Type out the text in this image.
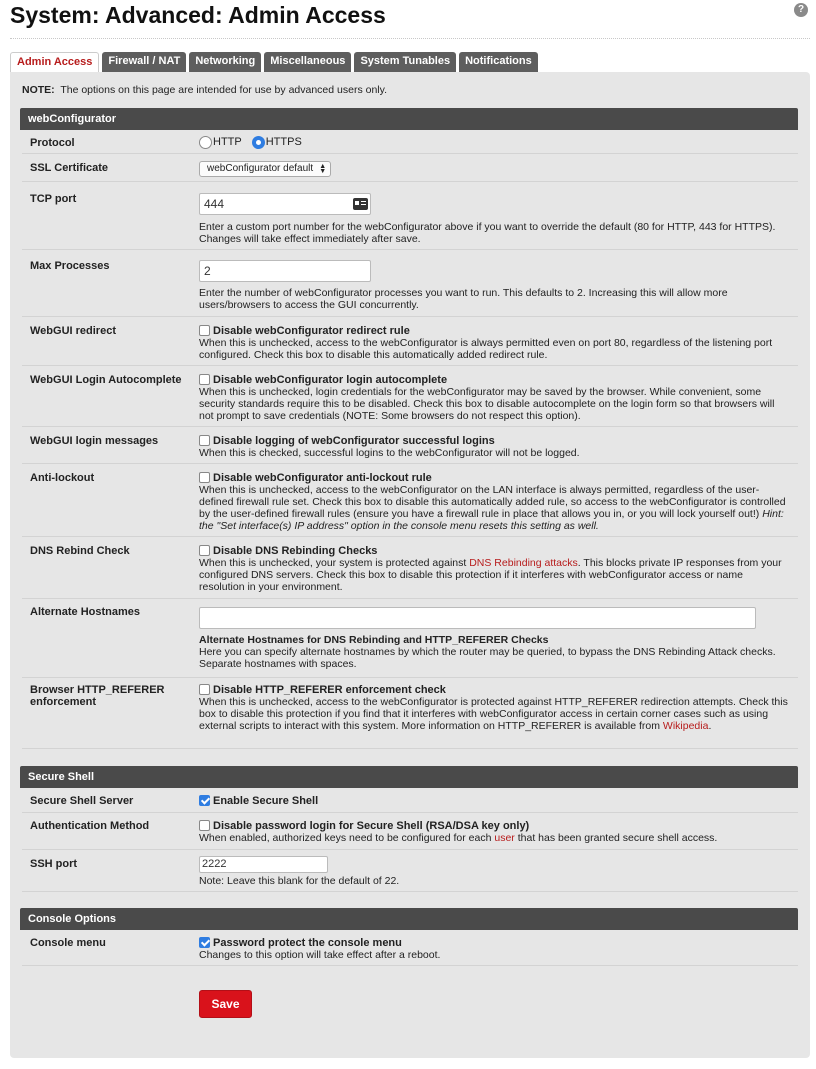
System: Advanced: Admin Access	?
Admin Access	Firewall / NAT	Networking	Miscellaneous	System Tunables	Notifications
NOTE: The options on this page are intended for use by advanced users only.
webConfigurator
Protocol	HTTP HTTPS
SSL Certificate	webConfigurator default ▲
▼
TCP port	444
Enter a custom port number for the webConfigurator above if you want to override the default (80 for HTTP, 443 for HTTPS). Changes will take effect immediately after save.
Max Processes	2
Enter the number of webConfigurator processes you want to run. This defaults to 2. Increasing this will allow more users/browsers to access the GUI concurrently.
WebGUI redirect	Disable webConfigurator redirect rule
When this is unchecked, access to the webConfigurator is always permitted even on port 80, regardless of the listening port configured. Check this box to disable this automatically added redirect rule.
WebGUI Login Autocomplete	Disable webConfigurator login autocomplete
When this is unchecked, login credentials for the webConfigurator may be saved by the browser. While convenient, some security standards require this to be disabled. Check this box to disable autocomplete on the login form so that browsers will not prompt to save credentials (NOTE: Some browsers do not respect this option).
WebGUI login messages	Disable logging of webConfigurator successful logins
When this is checked, successful logins to the webConfigurator will not be logged.
Anti-lockout	Disable webConfigurator anti-lockout rule
When this is unchecked, access to the webConfigurator on the LAN interface is always permitted, regardless of the user-defined firewall rule set. Check this box to disable this automatically added rule, so access to the webConfigurator is controlled by the user-defined firewall rules (ensure you have a firewall rule in place that allows you in, or you will lock yourself out!) Hint: the "Set interface(s) IP address" option in the console menu resets this setting as well.
DNS Rebind Check	Disable DNS Rebinding Checks
When this is unchecked, your system is protected against DNS Rebinding attacks. This blocks private IP responses from your configured DNS servers. Check this box to disable this protection if it interferes with webConfigurator access or name resolution in your environment.
Alternate Hostnames
Alternate Hostnames for DNS Rebinding and HTTP_REFERER Checks
Here you can specify alternate hostnames by which the router may be queried, to bypass the DNS Rebinding Attack checks. Separate hostnames with spaces.
Browser HTTP_REFERER enforcement
Disable HTTP_REFERER enforcement check
When this is unchecked, access to the webConfigurator is protected against HTTP_REFERER redirection attempts. Check this box to disable this protection if you find that it interferes with webConfigurator access in certain corner cases such as using external scripts to interact with this system. More information on HTTP_REFERER is available from Wikipedia.
Secure Shell
Secure Shell Server	Enable Secure Shell
Authentication Method	Disable password login for Secure Shell (RSA/DSA key only)
When enabled, authorized keys need to be configured for each user that has been granted secure shell access.
SSH port	2222
Note: Leave this blank for the default of 22.
Console Options
Console menu	Password protect the console menu
Changes to this option will take effect after a reboot.
Save
